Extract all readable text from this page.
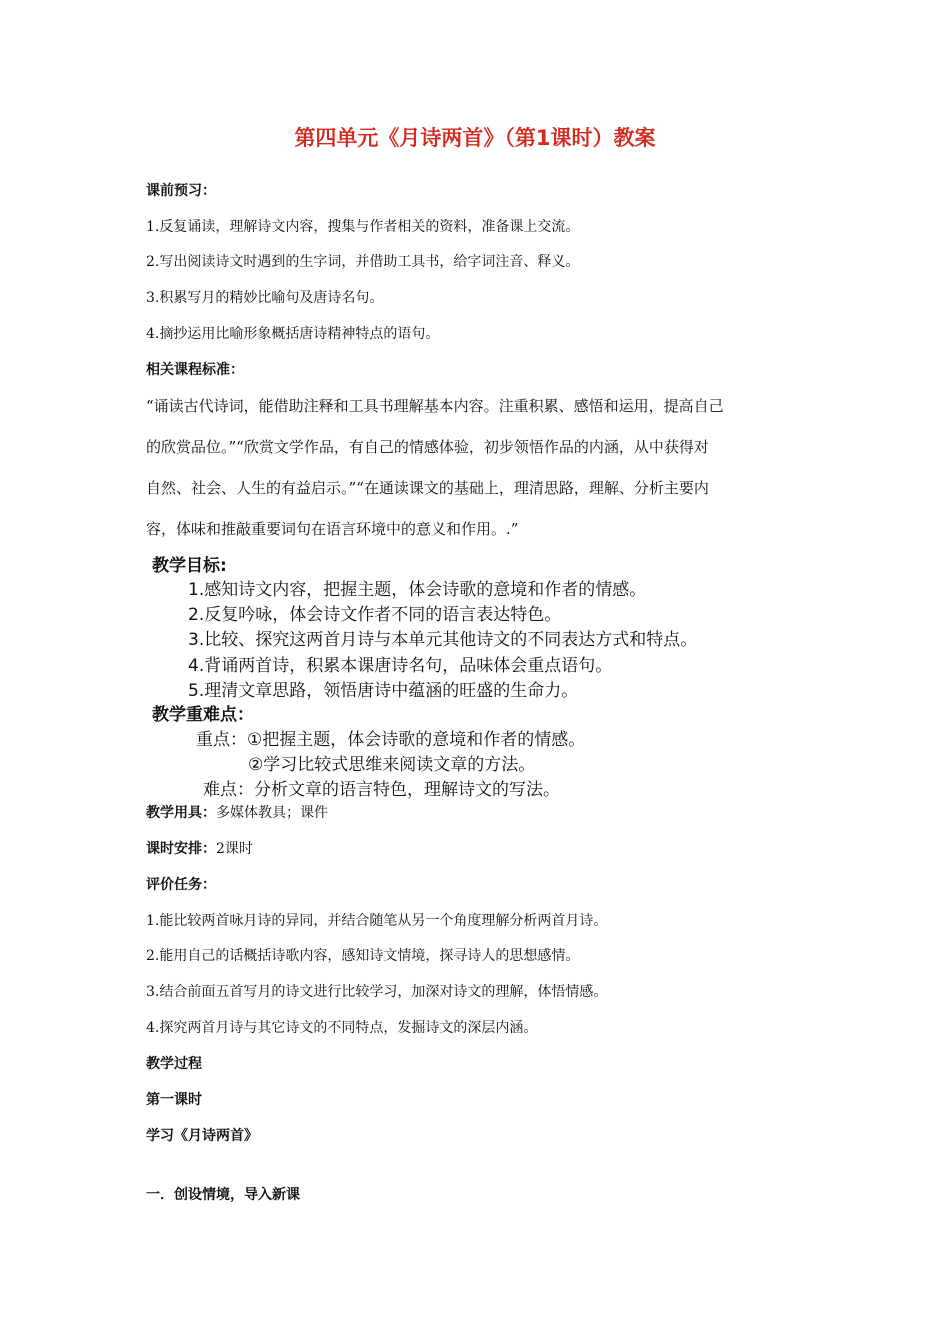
第四单元《月诗两首》（第1课时）教案
课前预习：
1.反复诵读，理解诗文内容，搜集与作者相关的资料，准备课上交流。
2.写出阅读诗文时遇到的生字词，并借助工具书，给字词注音、释义。
3.积累写月的精妙比喻句及唐诗名句。
4.摘抄运用比喻形象概括唐诗精神特点的语句。
相关课程标准：
“诵读古代诗词，能借助注释和工具书理解基本内容。注重积累、感悟和运用，提高自己
的欣赏品位。”“欣赏文学作品，有自己的情感体验，初步领悟作品的内涵，从中获得对
自然、社会、人生的有益启示。”“在通读课文的基础上，理清思路，理解、分析主要内
容，体味和推敲重要词句在语言环境中的意义和作用。.”
教学目标:
1.感知诗文内容，把握主题，体会诗歌的意境和作者的情感。
2.反复吟咏，体会诗文作者不同的语言表达特色。
3.比较、探究这两首月诗与本单元其他诗文的不同表达方式和特点。
4.背诵两首诗，积累本课唐诗名句，品味体会重点语句。
5.理清文章思路，领悟唐诗中蕴涵的旺盛的生命力。
教学重难点：
重点：①把握主题，体会诗歌的意境和作者的情感。
②学习比较式思维来阅读文章的方法。
难点：分析文章的语言特色，理解诗文的写法。
教学用具：多媒体教具；课件
课时安排：2课时
评价任务：
1.能比较两首咏月诗的异同，并结合随笔从另一个角度理解分析两首月诗。
2.能用自己的话概括诗歌内容，感知诗文情境，探寻诗人的思想感情。
3.结合前面五首写月的诗文进行比较学习，加深对诗文的理解，体悟情感。
4.探究两首月诗与其它诗文的不同特点，发掘诗文的深层内涵。
教学过程
第一课时
学习《月诗两首》
一．创设情境，导入新课
